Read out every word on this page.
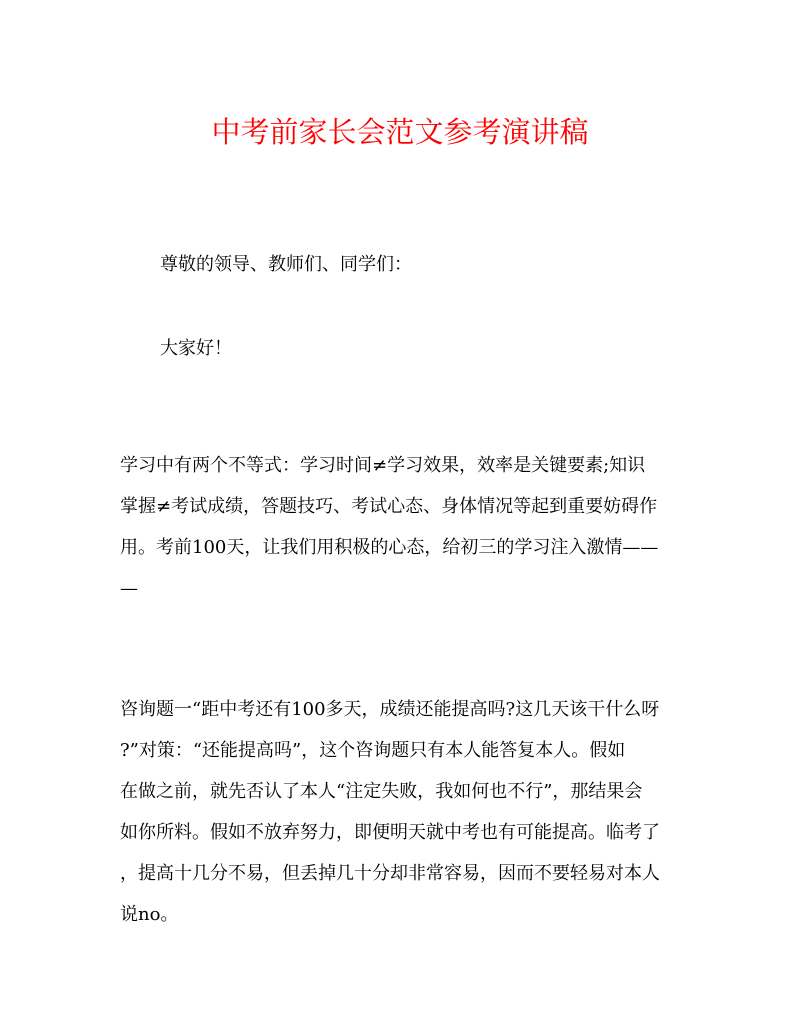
中考前家长会范文参考演讲稿
尊敬的领导、教师们、同学们：
大家好！
学习中有两个不等式：学习时间≠学习效果，效率是关键要素;知识
掌握≠考试成绩，答题技巧、考试心态、身体情况等起到重要妨碍作
用。考前100天，让我们用积极的心态，给初三的学习注入激情——
—
咨询题一“距中考还有100多天，成绩还能提高吗?这几天该干什么呀
?”对策：“还能提高吗”，这个咨询题只有本人能答复本人。假如
在做之前，就先否认了本人“注定失败，我如何也不行”，那结果会
如你所料。假如不放弃努力，即便明天就中考也有可能提高。临考了
，提高十几分不易，但丢掉几十分却非常容易，因而不要轻易对本人
说no。
